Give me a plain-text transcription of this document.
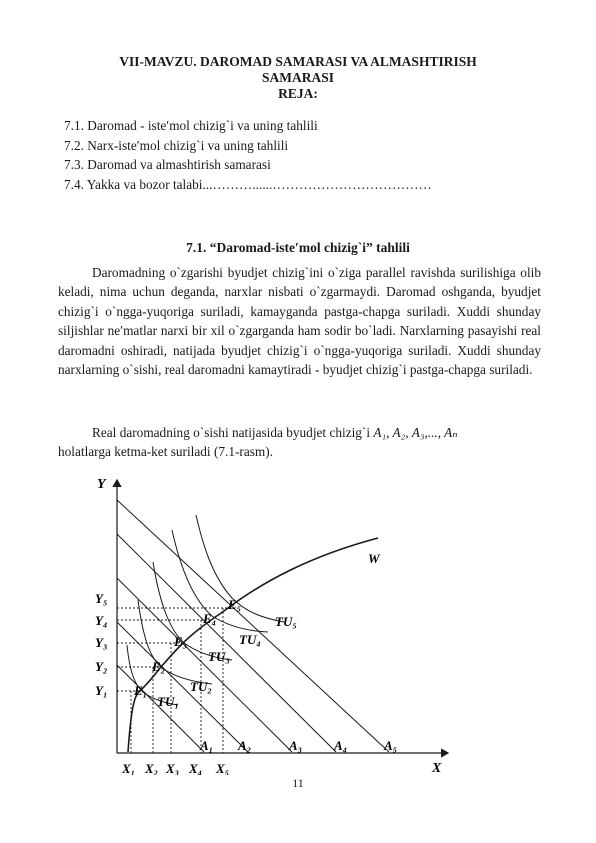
VII-MAVZU. DAROMAD SAMARASI VA ALMASHTIRISH
SAMARASI
REJA:
7.1. Daromad - iste′mol chizig`i va uning tahlili
7.2. Narx-iste′mol chizig`i va uning tahlili
7.3. Daromad va almashtirish samarasi
7.4. Yakka va bozor talabi...………......………………………………
7.1. “Daromad-iste′mol chizig`i” tahlili

Daromadning o`zgarishi byudjet chizig`ini o`ziga parallel ravishda surilishiga olib keladi, nima uchun deganda, narxlar nisbati o`zgarmaydi. Daromad oshganda, byudjet chizig`i o`ngga-yuqoriga suriladi, kamayganda pastga-chapga suriladi. Xuddi shunday siljishlar ne′matlar narxi bir xil o`zgarganda ham sodir bo`ladi. Narxlarning pasayishi real daromadni oshiradi, natijada byudjet chizig`i o`ngga-yuqoriga suriladi. Xuddi shunday narxlarning o`sishi, real daromadni kamaytiradi - byudjet chizig`i pastga-chapga suriladi.

Real daromadning o`sishi natijasida byudjet chizig`i A₁, A₂, A₃,..., Aₙ
holatlarga ketma-ket suriladi (7.1-rasm).
Y
X
W
Y₅
Y₄
Y₃
Y₂
Y₁
X₁ X₂ X₃ X₄ X₅
A₁ A₂	A₃ A₄	A₅
E₁
E₂
E₃
E₄
E₅
TU₁
TU₂
TU₃
TU₄
TU₅
11
